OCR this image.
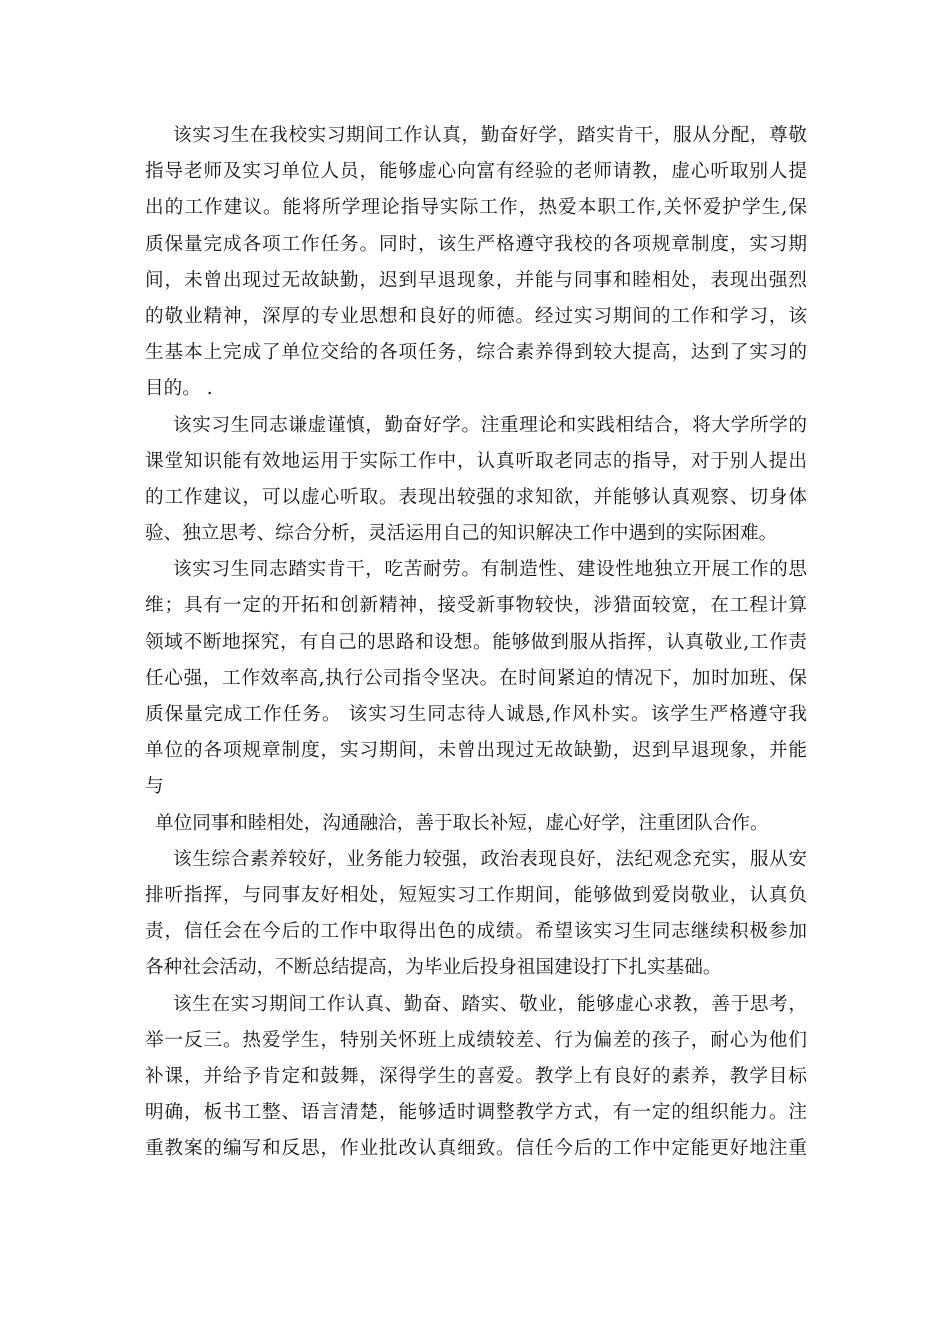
该实习生在我校实习期间工作认真，勤奋好学，踏实肯干，服从分配，尊敬
指导老师及实习单位人员，能够虚心向富有经验的老师请教，虚心听取别人提
出的工作建议。能将所学理论指导实际工作，热爱本职工作,关怀爱护学生,保
质保量完成各项工作任务。同时，该生严格遵守我校的各项规章制度，实习期
间，未曾出现过无故缺勤，迟到早退现象，并能与同事和睦相处，表现出强烈
的敬业精神，深厚的专业思想和良好的师德。经过实习期间的工作和学习，该
生基本上完成了单位交给的各项任务，综合素养得到较大提高，达到了实习的
目的。 .
该实习生同志谦虚谨慎，勤奋好学。注重理论和实践相结合，将大学所学的
课堂知识能有效地运用于实际工作中，认真听取老同志的指导，对于别人提出
的工作建议，可以虚心听取。表现出较强的求知欲，并能够认真观察、切身体
验、独立思考、综合分析，灵活运用自己的知识解决工作中遇到的实际困难。
该实习生同志踏实肯干，吃苦耐劳。有制造性、建设性地独立开展工作的思
维；具有一定的开拓和创新精神，接受新事物较快，涉猎面较宽，在工程计算
领域不断地探究，有自己的思路和设想。能够做到服从指挥，认真敬业,工作责
任心强，工作效率高,执行公司指令坚决。在时间紧迫的情况下，加时加班、保
质保量完成工作任务。 该实习生同志待人诚恳,作风朴实。该学生严格遵守我
单位的各项规章制度，实习期间，未曾出现过无故缺勤，迟到早退现象，并能
与
单位同事和睦相处，沟通融洽，善于取长补短，虚心好学，注重团队合作。
该生综合素养较好，业务能力较强，政治表现良好，法纪观念充实，服从安
排听指挥，与同事友好相处，短短实习工作期间，能够做到爱岗敬业，认真负
责，信任会在今后的工作中取得出色的成绩。希望该实习生同志继续积极参加
各种社会活动，不断总结提高，为毕业后投身祖国建设打下扎实基础。
该生在实习期间工作认真、勤奋、踏实、敬业，能够虚心求教，善于思考，
举一反三。热爱学生，特别关怀班上成绩较差、行为偏差的孩子，耐心为他们
补课，并给予肯定和鼓舞，深得学生的喜爱。教学上有良好的素养，教学目标
明确，板书工整、语言清楚，能够适时调整教学方式，有一定的组织能力。注
重教案的编写和反思，作业批改认真细致。信任今后的工作中定能更好地注重
